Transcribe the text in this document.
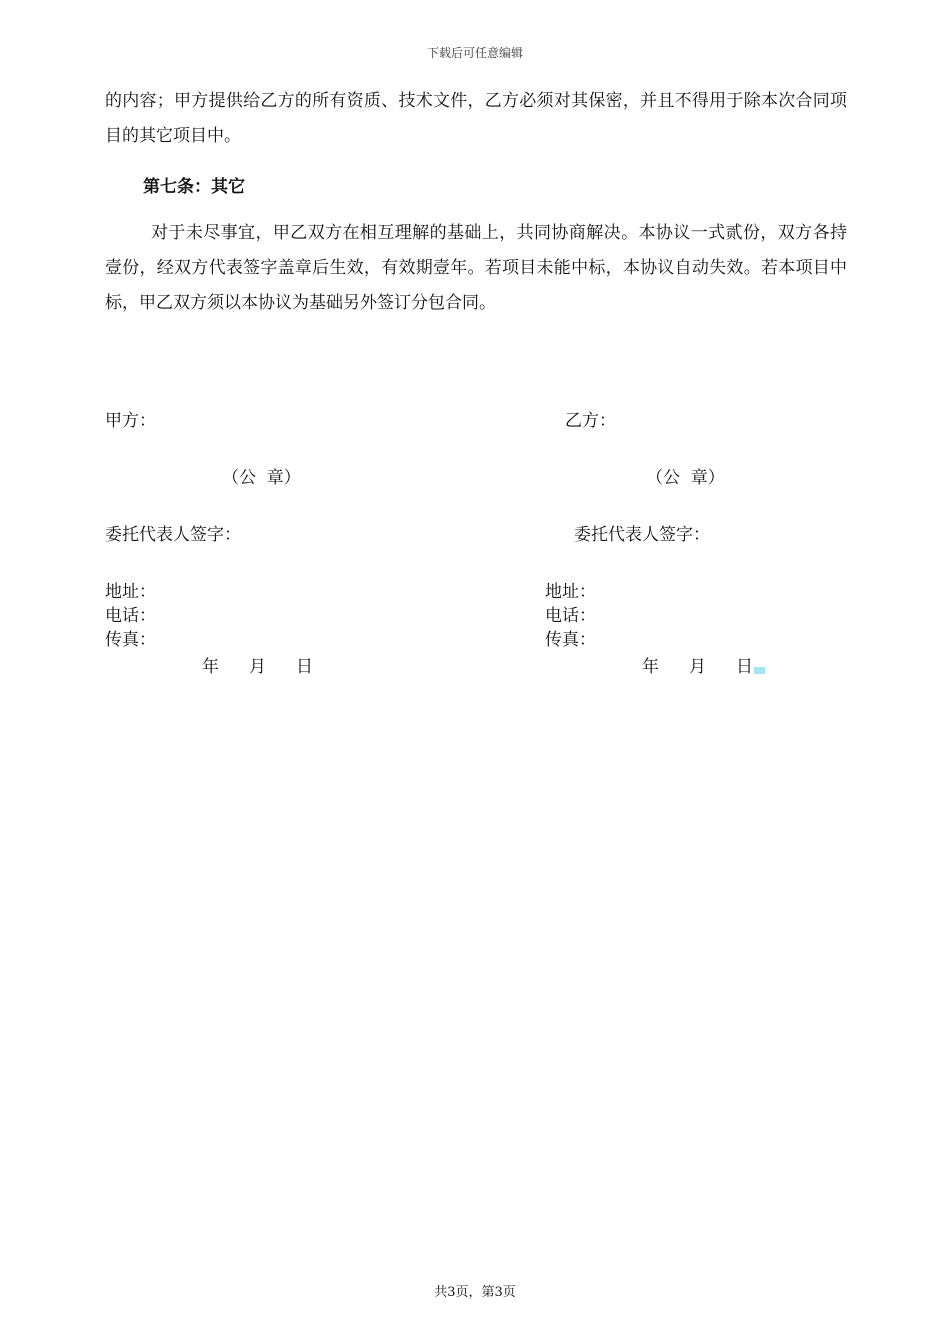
下载后可任意编辑

的内容；甲方提供给乙方的所有资质、技术文件，乙方必须对其保密，并且不得用于除本次合同项目的其它项目中。

第七条：其它

对于未尽事宜，甲乙双方在相互理解的基础上，共同协商解决。本协议一式贰份，双方各持壹份，经双方代表签字盖章后生效，有效期壹年。若项目未能中标，本协议自动失效。若本项目中标，甲乙双方须以本协议为基础另外签订分包合同。

甲方：
（公  章）
委托代表人签字：
地址：
电话：
传真：
年 月 日
乙方：
（公  章）
委托代表人签字：
地址：
电话：
传真：
年 月 日
共3页，第3页
